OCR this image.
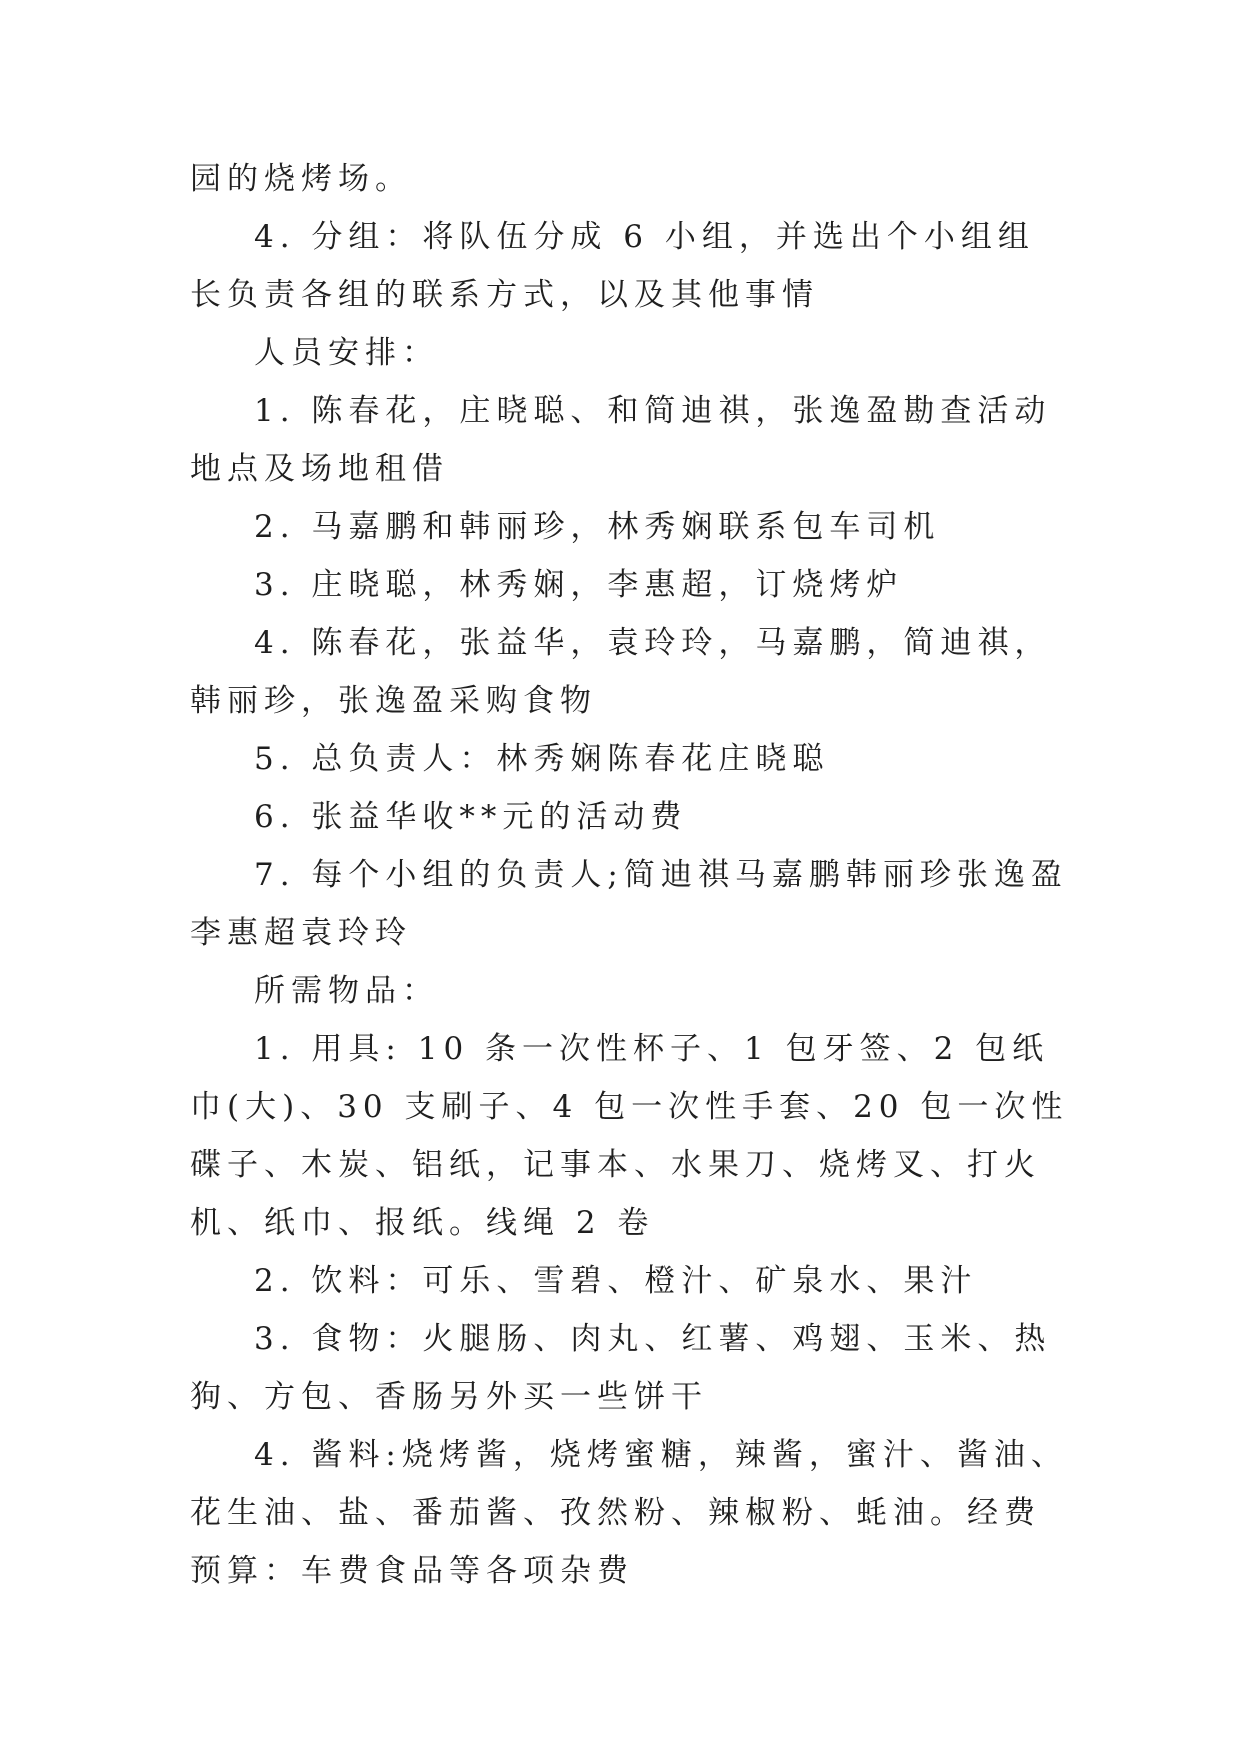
园的烧烤场。

4. 分组：将队伍分成 6 小组，并选出个小组组长负责各组的联系方式，以及其他事情

人员安排：

1. 陈春花，庄晓聪、和简迪祺，张逸盈勘查活动地点及场地租借

2. 马嘉鹏和韩丽珍，林秀娴联系包车司机

3. 庄晓聪，林秀娴，李惠超，订烧烤炉

4. 陈春花，张益华，袁玲玲，马嘉鹏，简迪祺，韩丽珍，张逸盈采购食物

5. 总负责人：林秀娴陈春花庄晓聪

6. 张益华收**元的活动费

7. 每个小组的负责人;简迪祺马嘉鹏韩丽珍张逸盈李惠超袁玲玲

所需物品：

1. 用具: 10 条一次性杯子、1 包牙签、2 包纸巾(大)、30 支刷子、4 包一次性手套、20 包一次性碟子、木炭、铝纸，记事本、水果刀、烧烤叉、打火机、纸巾、报纸。线绳 2 卷

2. 饮料：可乐、雪碧、橙汁、矿泉水、果汁

3. 食物：火腿肠、肉丸、红薯、鸡翅、玉米、热狗、方包、香肠另外买一些饼干

4. 酱料:烧烤酱，烧烤蜜糖，辣酱，蜜汁、酱油、花生油、盐、番茄酱、孜然粉、辣椒粉、蚝油。经费预算：车费食品等各项杂费
